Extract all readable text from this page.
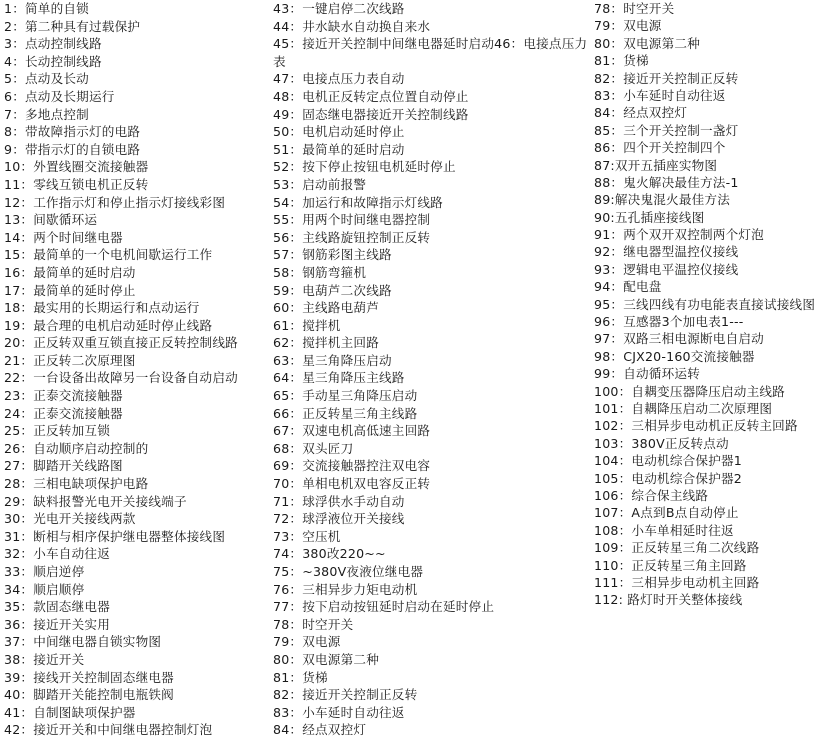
1：简单的自锁
2：第二种具有过载保护
3：点动控制线路
4：长动控制线路
5：点动及长动
6：点动及长期运行
7：多地点控制
8：带故障指示灯的电路
9：带指示灯的自锁电路
10：外置线圈交流接触器
11：零线互锁电机正反转
12：工作指示灯和停止指示灯接线彩图
13：间歇循环运
14：两个时间继电器
15：最简单的一个电机间歇运行工作
16：最简单的延时启动
17：最简单的延时停止
18：最实用的长期运行和点动运行
19：最合理的电机启动延时停止线路
20：正反转双重互锁直接正反转控制线路
21：正反转二次原理图
22：一台设备出故障另一台设备自动启动
23：正泰交流接触器
24：正泰交流接触器
25：正反转加互锁
26：自动顺序启动控制的
27：脚踏开关线路图
28：三相电缺项保护电路
29：缺料报警光电开关接线端子
30：光电开关接线两款
31：断相与相序保护继电器整体接线图
32：小车自动往返
33：顺启逆停
34：顺启顺停
35：款固态继电器
36：接近开关实用
37：中间继电器自锁实物图
38：接近开关
39：接线开关控制固态继电器
40：脚踏开关能控制电瓶铁阀
41：自制图缺项保护器
42：接近开关和中间继电器控制灯泡
43：一键启停二次线路
44：井水缺水自动换自来水
45：接近开关控制中间继电器延时启动46：电接点压力表
47：电接点压力表自动
48：电机正反转定点位置自动停止
49：固态继电器接近开关控制线路
50：电机启动延时停止
51：最简单的延时启动
52：按下停止按钮电机延时停止
53：启动前报警
54：加运行和故障指示灯线路
55：用两个时间继电器控制
56：主线路旋钮控制正反转
57：钢筋彩图主线路
58：钢筋弯箍机
59：电葫芦二次线路
60：主线路电葫芦
61：搅拌机
62：搅拌机主回路
63：星三角降压启动
64：星三角降压主线路
65：手动星三角降压启动
66：正反转星三角主线路
67：双速电机高低速主回路
68：双头匠刀
69：交流接触器控注双电容
70：单相电机双电容反正转
71：球浮供水手动自动
72：球浮液位开关接线
73：空压机
74：380改220~~
75：~380V夜液位继电器
76：三相异步力矩电动机
77：按下启动按钮延时启动在延时停止
78：时空开关
79：双电源
80：双电源第二种
81：货梯
82：接近开关控制正反转
83：小车延时自动往返
84：经点双控灯
78：时空开关
79：双电源
80：双电源第二种
81：货梯
82：接近开关控制正反转
83：小车延时自动往返
84：经点双控灯
85：三个开关控制一盏灯
86：四个开关控制四个
87:双开五插座实物图
88：鬼火解决最佳方法-1
89:解决鬼混火最佳方法
90:五孔插座接线图
91：两个双开双控制两个灯泡
92：继电器型温控仪接线
93：逻辑电平温控仪接线
94：配电盘
95：三线四线有功电能表直接试接线图
96：互感器3个加电表1---
97：双路三相电源断电自启动
98：CJX20-160交流接触器
99：自动循环运转
100：自耦变压器降压启动主线路
101：自耦降压启动二次原理图
102：三相异步电动机正反转主回路
103：380V正反转点动
104：电动机综合保护器1
105：电动机综合保护器2
106：综合保主线路
107：A点到B点自动停止
108：小车单相延时往返
109：正反转星三角二次线路
110：正反转星三角主回路
111：三相异步电动机主回路
112: 路灯时开关整体接线
